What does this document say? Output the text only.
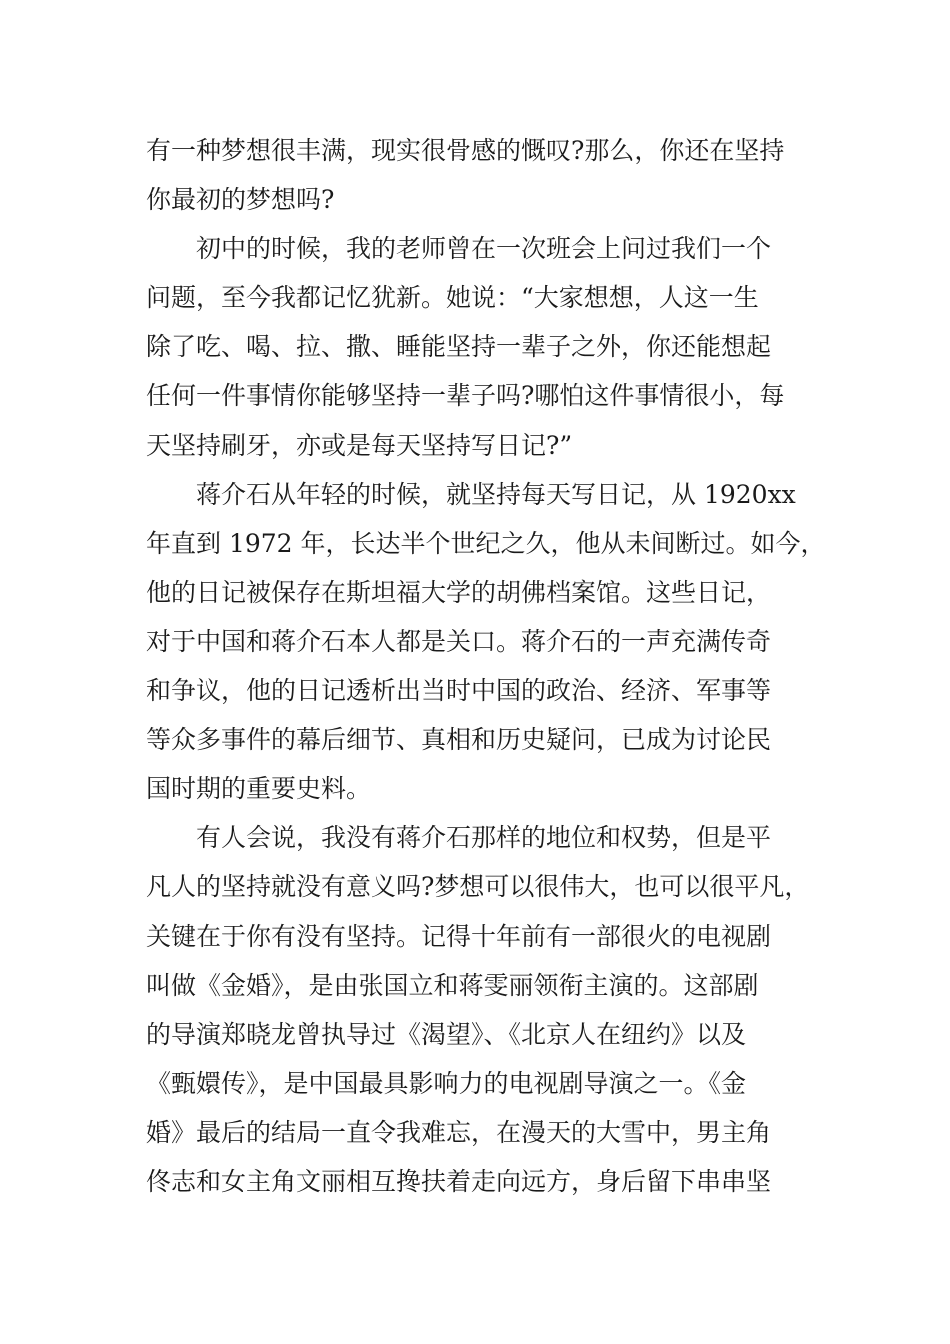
有一种梦想很丰满，现实很骨感的慨叹?那么，你还在坚持
你最初的梦想吗?
初中的时候，我的老师曾在一次班会上问过我们一个
问题，至今我都记忆犹新。她说：“大家想想，人这一生
除了吃、喝、拉、撒、睡能坚持一辈子之外，你还能想起
任何一件事情你能够坚持一辈子吗?哪怕这件事情很小，每
天坚持刷牙，亦或是每天坚持写日记?”
蒋介石从年轻的时候，就坚持每天写日记，从 1920xx
年直到 1972 年，长达半个世纪之久，他从未间断过。如今，
他的日记被保存在斯坦福大学的胡佛档案馆。这些日记，
对于中国和蒋介石本人都是关口。蒋介石的一声充满传奇
和争议，他的日记透析出当时中国的政治、经济、军事等
等众多事件的幕后细节、真相和历史疑问，已成为讨论民
国时期的重要史料。
有人会说，我没有蒋介石那样的地位和权势，但是平
凡人的坚持就没有意义吗?梦想可以很伟大，也可以很平凡，
关键在于你有没有坚持。记得十年前有一部很火的电视剧
叫做《金婚》，是由张国立和蒋雯丽领衔主演的。这部剧
的导演郑晓龙曾执导过《渴望》、《北京人在纽约》以及
《甄嬛传》，是中国最具影响力的电视剧导演之一。《金
婚》最后的结局一直令我难忘，在漫天的大雪中，男主角
佟志和女主角文丽相互搀扶着走向远方，身后留下串串坚
